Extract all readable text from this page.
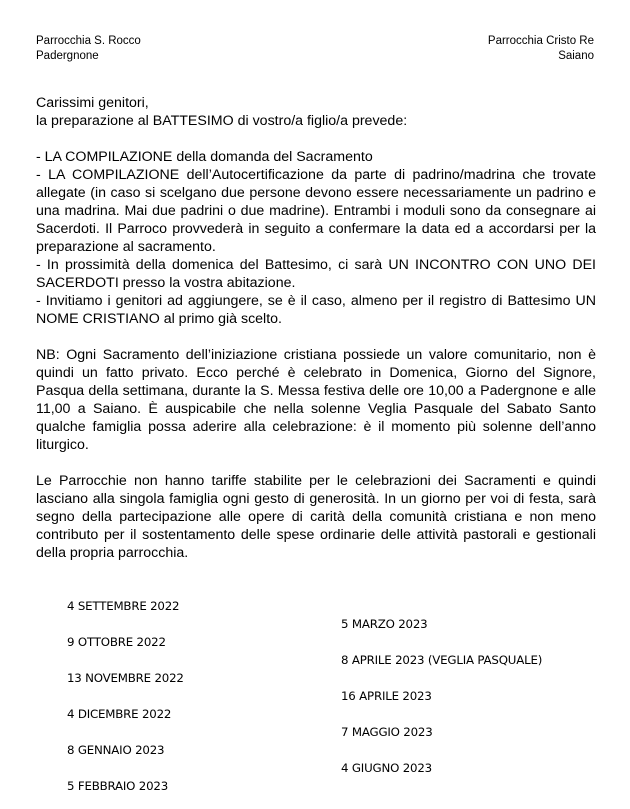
Parrocchia S. Rocco
Padergnone
Parrocchia Cristo Re
Saiano

Carissimi genitori,

la preparazione al BATTESIMO di vostro/a figlio/a prevede:

- LA COMPILAZIONE della domanda del Sacramento

- LA COMPILAZIONE dell’Autocertificazione da parte di padrino/madrina che trovate allegate (in caso si scelgano due persone devono essere necessariamente un padrino e una madrina. Mai due padrini o due madrine). Entrambi i moduli sono da consegnare ai Sacerdoti. Il Parroco provvederà in seguito a confermare la data ed a accordarsi per la preparazione al sacramento.

- In prossimità della domenica del Battesimo, ci sarà UN INCONTRO CON UNO DEI SACERDOTI presso la vostra abitazione.

- Invitiamo i genitori ad aggiungere, se è il caso, almeno per il registro di Battesimo UN NOME CRISTIANO al primo già scelto.

NB: Ogni Sacramento dell’iniziazione cristiana possiede un valore comunitario, non è quindi un fatto privato. Ecco perché è celebrato in Domenica, Giorno del Signore, Pasqua della settimana, durante la S. Messa festiva delle ore 10,00 a Padergnone e alle 11,00 a Saiano. È auspicabile che nella solenne Veglia Pasquale del Sabato Santo qualche famiglia possa aderire alla celebrazione: è il momento più solenne dell’anno liturgico.

Le Parrocchie non hanno tariffe stabilite per le celebrazioni dei Sacramenti e quindi lasciano alla singola famiglia ogni gesto di generosità. In un giorno per voi di festa, sarà segno della partecipazione alle opere di carità della comunità cristiana e non meno contributo per il sostentamento delle spese ordinarie delle attività pastorali e gestionali della propria parrocchia.

4 SETTEMBRE 2022
9 OTTOBRE 2022
13 NOVEMBRE 2022
4 DICEMBRE 2022
8 GENNAIO 2023
5 FEBBRAIO 2023
5 MARZO 2023
8 APRILE 2023 (VEGLIA PASQUALE)
16 APRILE 2023
7 MAGGIO 2023
4 GIUGNO 2023
